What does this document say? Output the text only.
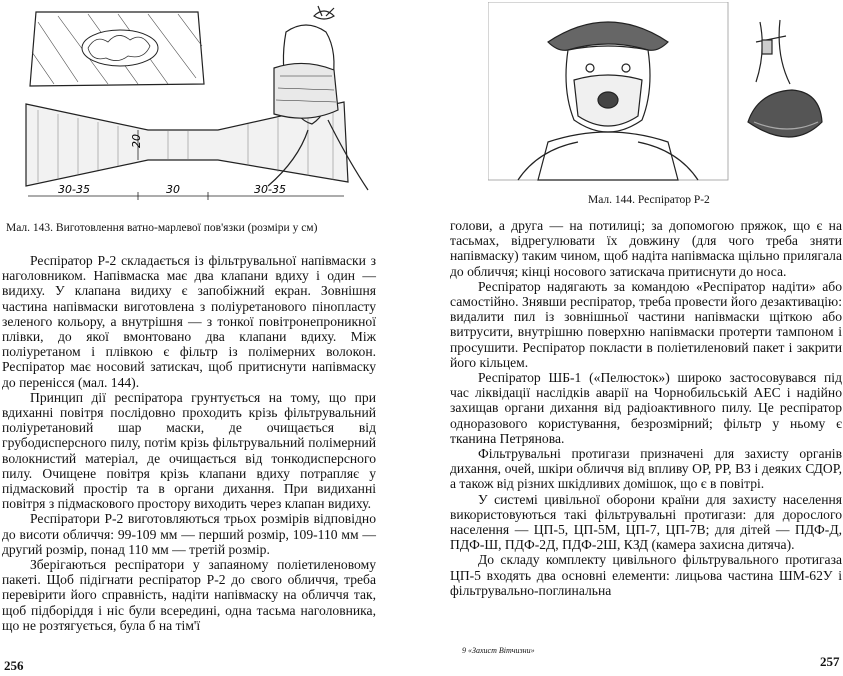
20
30-35	30	30-35
Мал. 143. Виготовлення ватно-марлевої пов'язки (розміри у см)

Респіратор Р-2 складається із фільтрувальної напівмаски з наголовником. Напівмаска має два клапани вдиху і один — видиху. У клапана видиху є запобіжний екран. Зовнішня частина напівмаски виготовлена з поліуретанового пінопласту зеленого кольору, а внутрішня — з тонкої повітронепроникної плівки, до якої вмонтовано два клапани вдиху. Між поліуретаном і плівкою є фільтр із полімерних волокон. Респіратор має носовий затискач, щоб притиснути напівмаску до перенісся (мал. 144).

Принцип дії респіратора грунтується на тому, що при вдиханні повітря послідовно проходить крізь фільтрувальний поліуретановий шар маски, де очищається від грубодисперсного пилу, потім крізь фільтрувальний полімерний волокнистий матеріал, де очищається від тонкодисперсного пилу. Очищене повітря крізь клапани вдиху потрапляє у підмасковий простір та в органи дихання. При видиханні повітря з підмаскового простору виходить через клапан видиху.

Респіратори Р-2 виготовляються трьох розмірів відповідно до висоти обличчя: 99-109 мм — перший розмір, 109-110 мм — другий розмір, понад 110 мм — третій розмір.

Зберігаються респіратори у запаяному поліетиленовому пакеті. Щоб підігнати респіратор Р-2 до свого обличчя, треба перевірити його справність, надіти напівмаску на обличчя так, щоб підборіддя і ніс були всередині, одна тасьма наголовника, що не розтягується, була б на тім'ї

256
Мал. 144. Респіратор Р-2

голови, а друга — на потилиці; за допомогою пряжок, що є на тасьмах, відрегулювати їх довжину (для чого треба зняти напівмаску) таким чином, щоб надіта напівмаска щільно прилягала до обличчя; кінці носового затискача притиснути до носа.

Респіратор надягають за командою «Респіратор надіти» або самостійно. Знявши респіратор, треба провести його дезактивацію: видалити пил із зовнішньої частини напівмаски щіткою або витрусити, внутрішню поверхню напівмаски протерти тампоном і просушити. Респіратор покласти в поліетиленовий пакет і закрити його кільцем.

Респіратор ШБ-1 («Пелюсток») широко застосовувався під час ліквідації наслідків аварії на Чорнобильській АЕС і надійно захищав органи дихання від радіоактивного пилу. Це респіратор одноразового користування, безрозмірний; фільтр у ньому є тканина Петрянова.

Фільтрувальні протигази призначені для захисту органів дихання, очей, шкіри обличчя від впливу ОР, РР, ВЗ і деяких СДОР, а також від різних шкідливих домішок, що є в повітрі.

У системі цивільної оборони країни для захисту населення використовуються такі фільтрувальні протигази: для дорослого населення — ЦП-5, ЦП-5М, ЦП-7, ЦП-7В; для дітей — ПДФ-Д, ПДФ-Ш, ПДФ-2Д, ПДФ-2Ш, КЗД (камера захисна дитяча).

До складу комплекту цивільного фільтрувального протигаза ЦП-5 входять два основні елементи: лицьова частина ШМ-62У і фільтрувально-поглинальна

9 «Захист Вітчизни»
257
